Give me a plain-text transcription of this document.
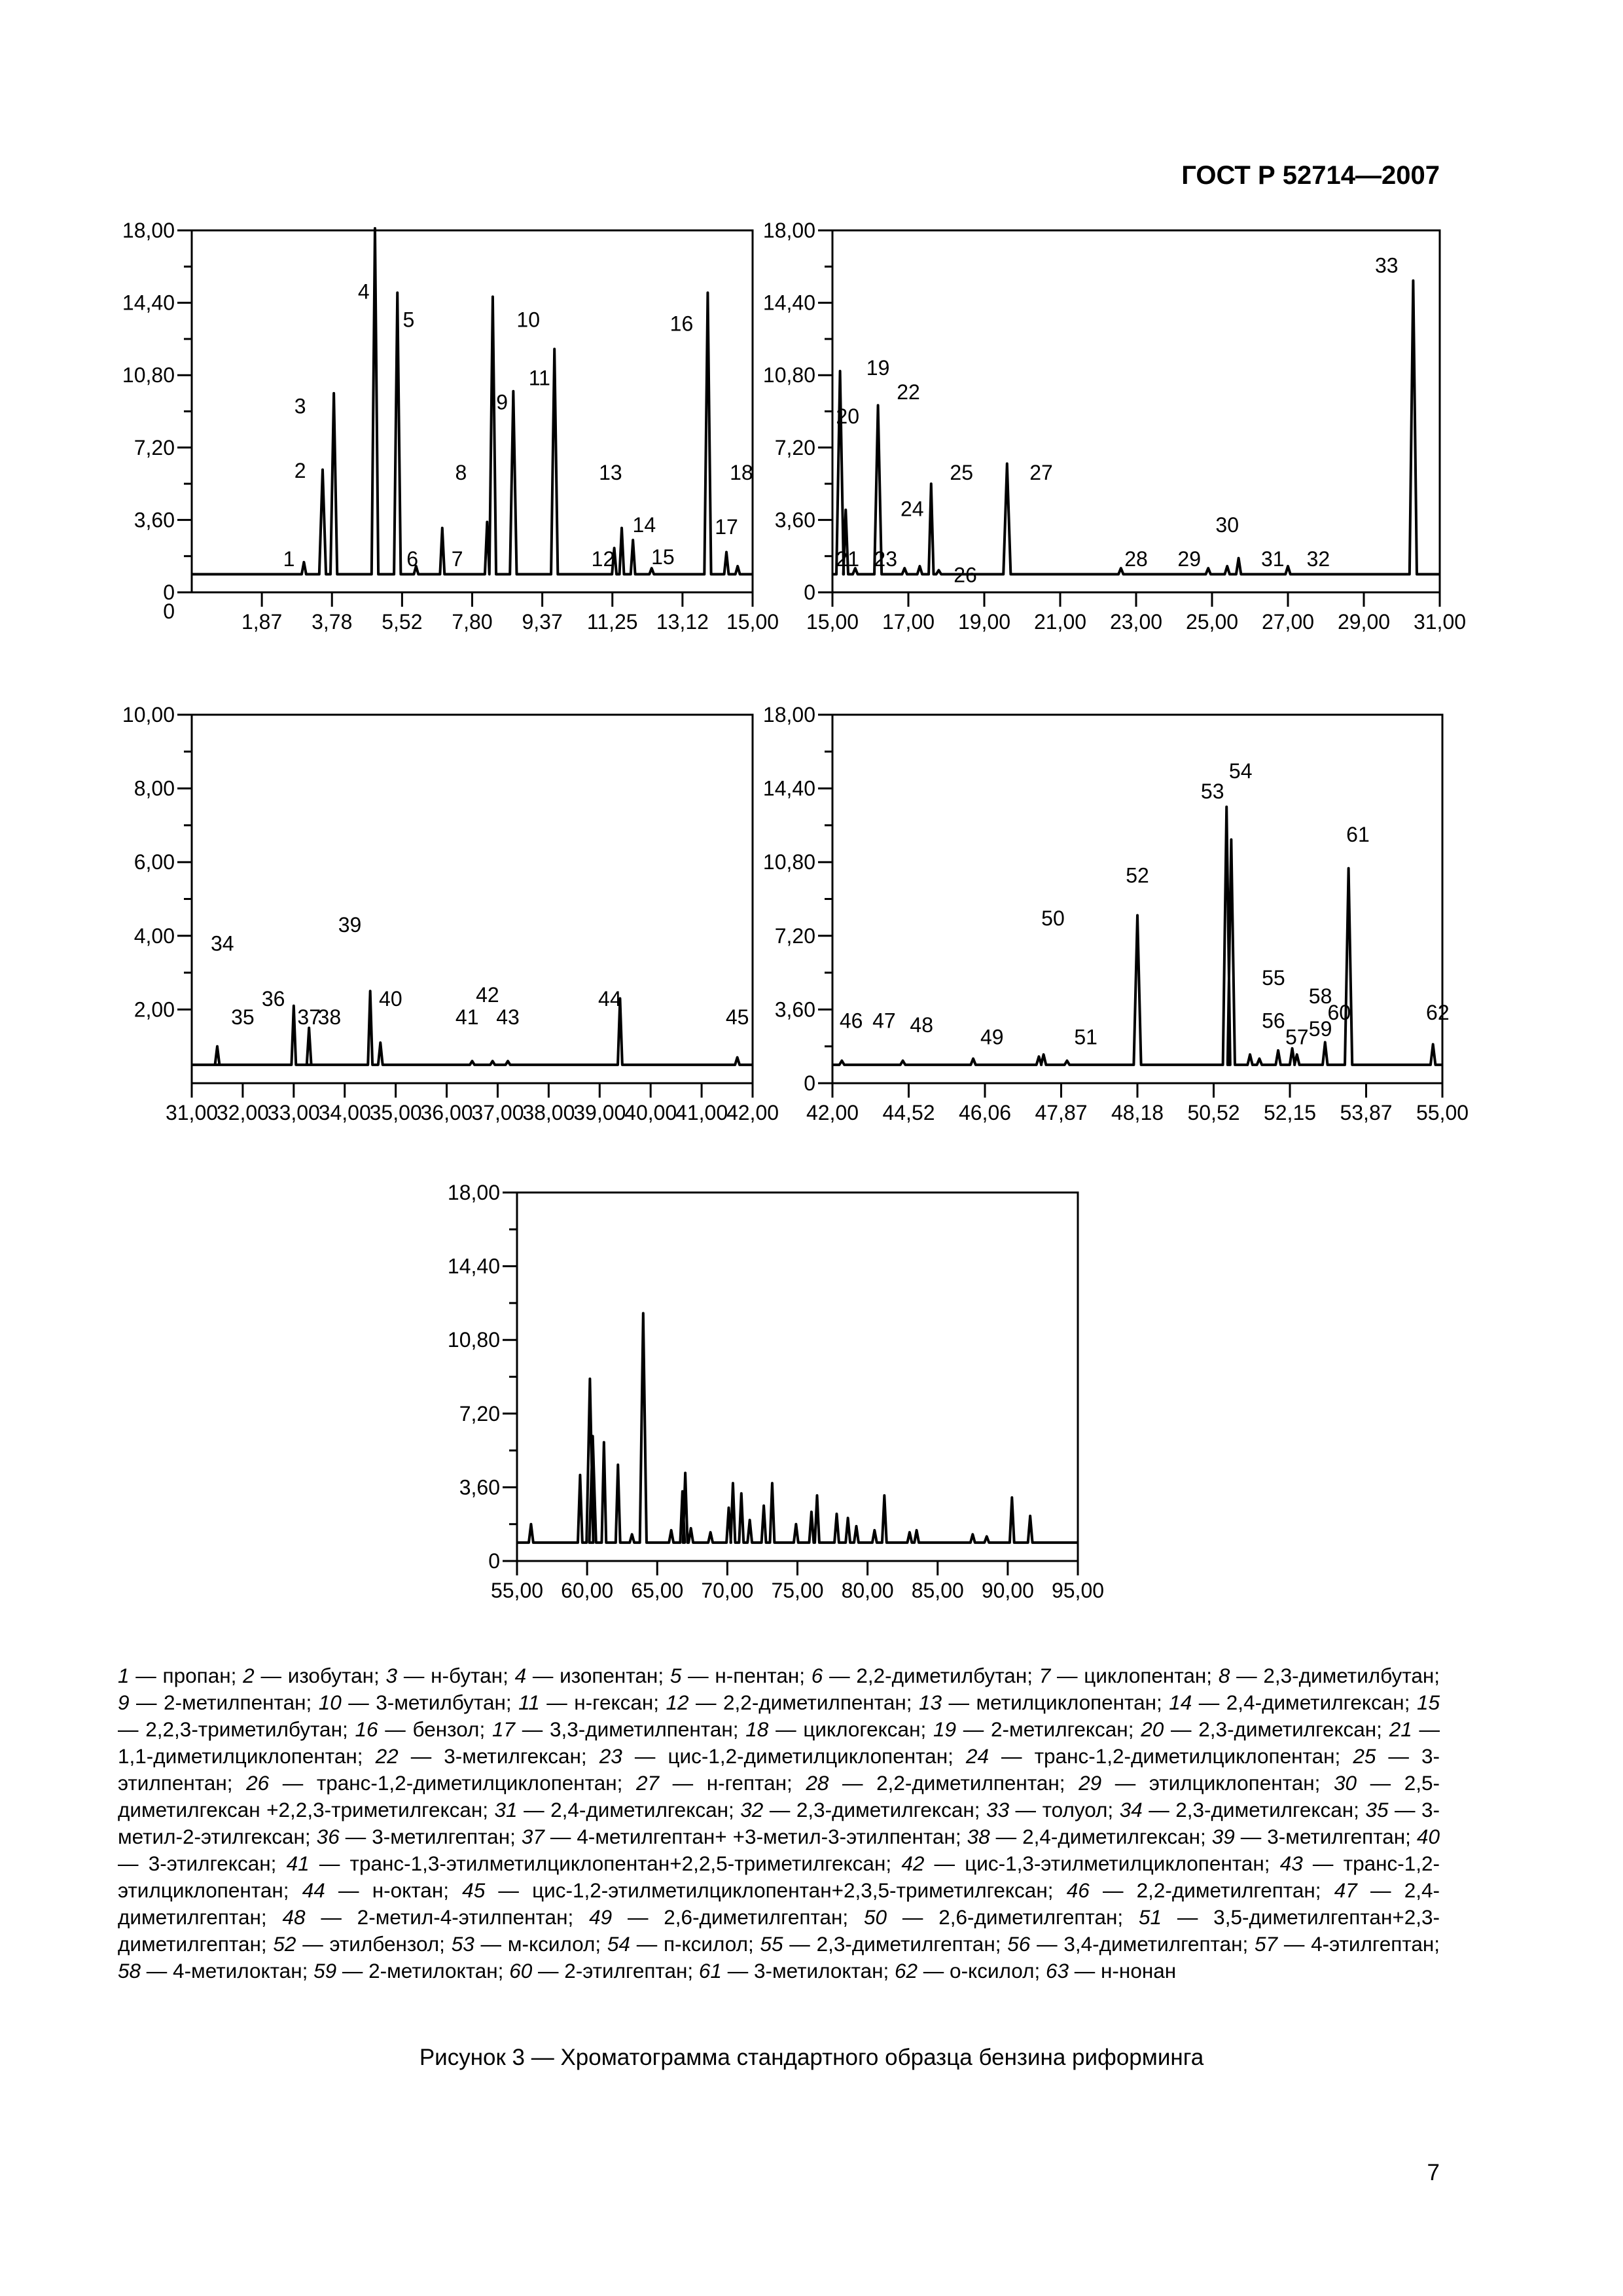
ГОСТ Р 52714—2007
0
3,60
7,20
10,80
14,40
18,00
1,87 3,78 5,52 7,80 9,37 11,25 13,12 15,00
0
1
2
3
4
5
6 7
8
9
10
11
12
13
14
15
16
17
18
0
3,60
7,20
10,80
14,40
18,00
15,00 17,00 19,00 21,00 23,00 25,00 27,00 29,00 31,00
19
20
21
22
23
24
25
26
27
28 29
30
31 32
33
2,00
4,00
6,00
8,00
10,00
31,00
32,00
33,00
34,00
35,00
36,00
37,00
38,00
39,00
40,00
41,00
42,00
34
35
36
37
38
39
40
41
42
43
44
45
0
3,60
7,20
10,80
14,40
18,00
42,00 44,52 46,06 47,87 48,18 50,52 52,15 53,87 55,00
46 47 48
49
50
51
52
53
54
55
56
57
58
59
60
61
62
0
3,60
7,20
10,80
14,40
18,00
55,00 60,00 65,00 70,00 75,00 80,00 85,00 90,00 95,00
1 — пропан; 2 — изобутан; 3 — н-бутан; 4 — изопентан; 5 — н-пентан; 6 — 2,2-диметилбутан; 7 — циклопентан; 8 — 2,3-диметилбутан; 9 — 2-метилпентан; 10 — 3-метилбутан; 11 — н-гексан; 12 — 2,2-диметилпентан; 13 — метилциклопентан; 14 — 2,4-диметилгексан; 15 — 2,2,3-триметилбутан; 16 — бензол; 17 — 3,3-диметилпентан; 18 — циклогексан; 19 — 2-метилгексан; 20 — 2,3-диметилгексан; 21 — 1,1-диметилциклопентан; 22 — 3-метилгексан; 23 — цис-1,2-диметилциклопентан; 24 — транс-1,2-диметилциклопентан; 25 — 3-этилпентан; 26 — транс-1,2-диметилциклопентан; 27 — н-гептан; 28 — 2,2-диметилпентан; 29 — этилциклопентан; 30 — 2,5-диметилгексан +2,2,3-триметилгексан; 31 — 2,4-диметилгексан; 32 — 2,3-диметилгексан; 33 — толуол; 34 — 2,3-диметилгексан; 35 — 3-метил-2-этилгексан; 36 — 3-метилгептан; 37 — 4-метилгептан+ +3-метил-3-этилпентан; 38 — 2,4-диметилгексан; 39 — 3-метилгептан; 40 — 3-этилгексан; 41 — транс-1,3-этилметилциклопентан+2,2,5-триметилгексан; 42 — цис-1,3-этилметилциклопентан; 43 — транс-1,2-этилциклопентан; 44 — н-октан; 45 — цис-1,2-этилметилциклопентан+2,3,5-триметилгексан; 46 — 2,2-диметилгептан; 47 — 2,4-диметилгептан; 48 — 2-метил-4-этилпентан; 49 — 2,6-диметилгептан; 50 — 2,6-диметилгептан; 51 — 3,5-диметилгептан+2,3-диметилгептан; 52 — этилбензол; 53 — м-ксилол; 54 — п-ксилол; 55 — 2,3-диметилгептан; 56 — 3,4-диметилгептан; 57 — 4-этилгептан; 58 — 4-метилоктан; 59 — 2-метилоктан; 60 — 2-этилгептан; 61 — 3-метилоктан; 62 — о-ксилол; 63 — н-нонан
Рисунок 3 — Хроматограмма стандартного образца бензина риформинга
7
